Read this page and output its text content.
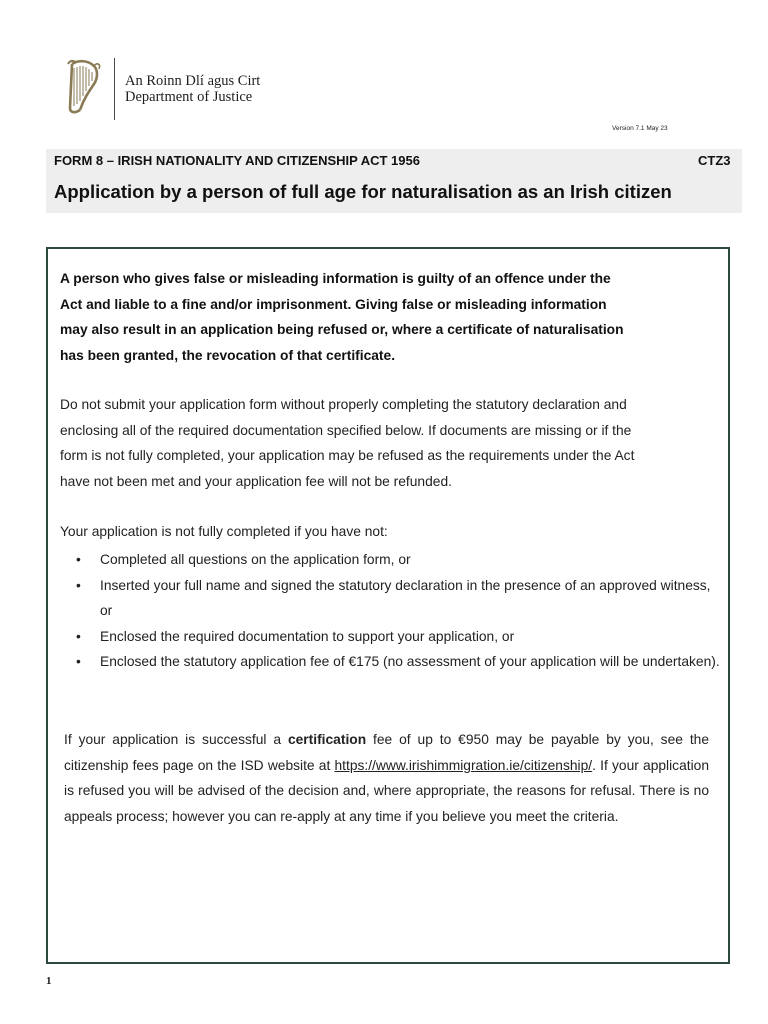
An Roinn Dlí agus Cirt
Department of Justice
Version 7.1 May 23
FORM 8 – IRISH NATIONALITY AND CITIZENSHIP ACT 1956	CTZ3
Application by a person of full age for naturalisation as an Irish citizen
A person who gives false or misleading information is guilty of an offence under the
Act and liable to a fine and/or imprisonment. Giving false or misleading information
may also result in an application being refused or, where a certificate of naturalisation
has been granted, the revocation of that certificate.
Do not submit your application form without properly completing the statutory declaration and
enclosing all of the required documentation specified below. If documents are missing or if the
form is not fully completed, your application may be refused as the requirements under the Act
have not been met and your application fee will not be refunded.
Your application is not fully completed if you have not:
• Completed all questions on the application form, or
• Inserted your full name and signed the statutory declaration in the presence of an approved witness, or
• Enclosed the required documentation to support your application, or
• Enclosed the statutory application fee of €175 (no assessment of your application will be undertaken).
If your application is successful a certification fee of up to €950 may be payable by you, see the citizenship fees page on the ISD website at https://www.irishimmigration.ie/citizenship/. If your application is refused you will be advised of the decision and, where appropriate, the reasons for refusal. There is no appeals process; however you can re-apply at any time if you believe you meet the criteria.
1
